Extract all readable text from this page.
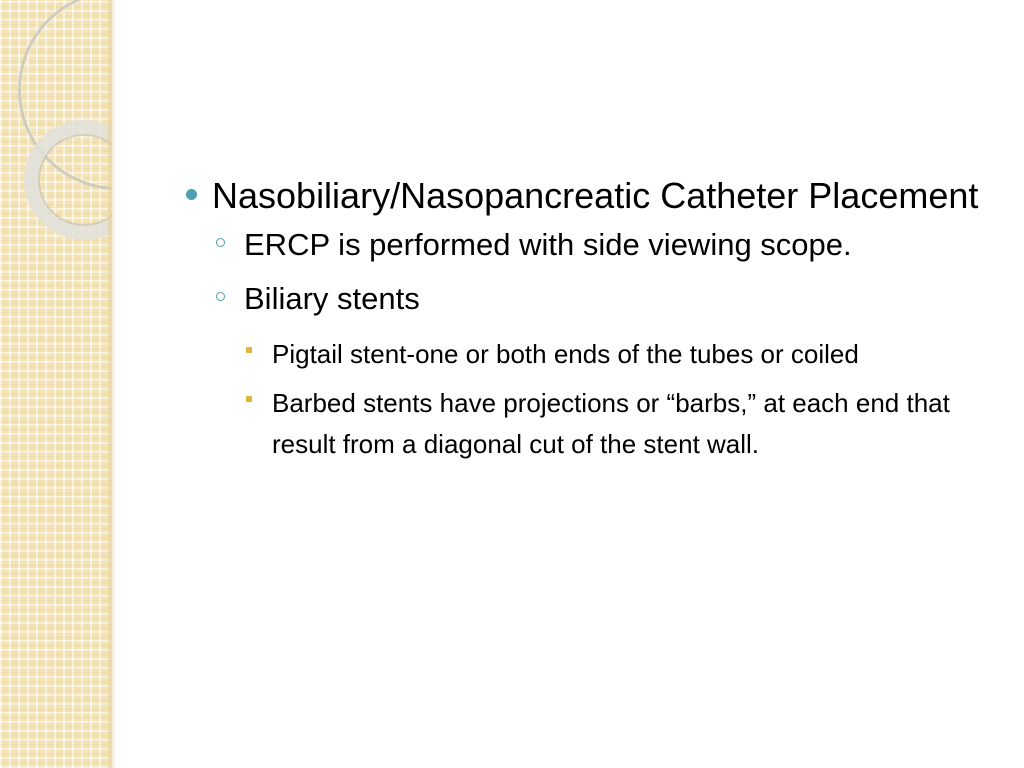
Nasobiliary/Nasopancreatic Catheter Placement
ERCP is performed with side viewing scope.
Biliary stents
Pigtail stent-one or both ends of the tubes or coiled
Barbed stents have projections or “barbs,” at each end that result from a diagonal cut of the stent wall.
